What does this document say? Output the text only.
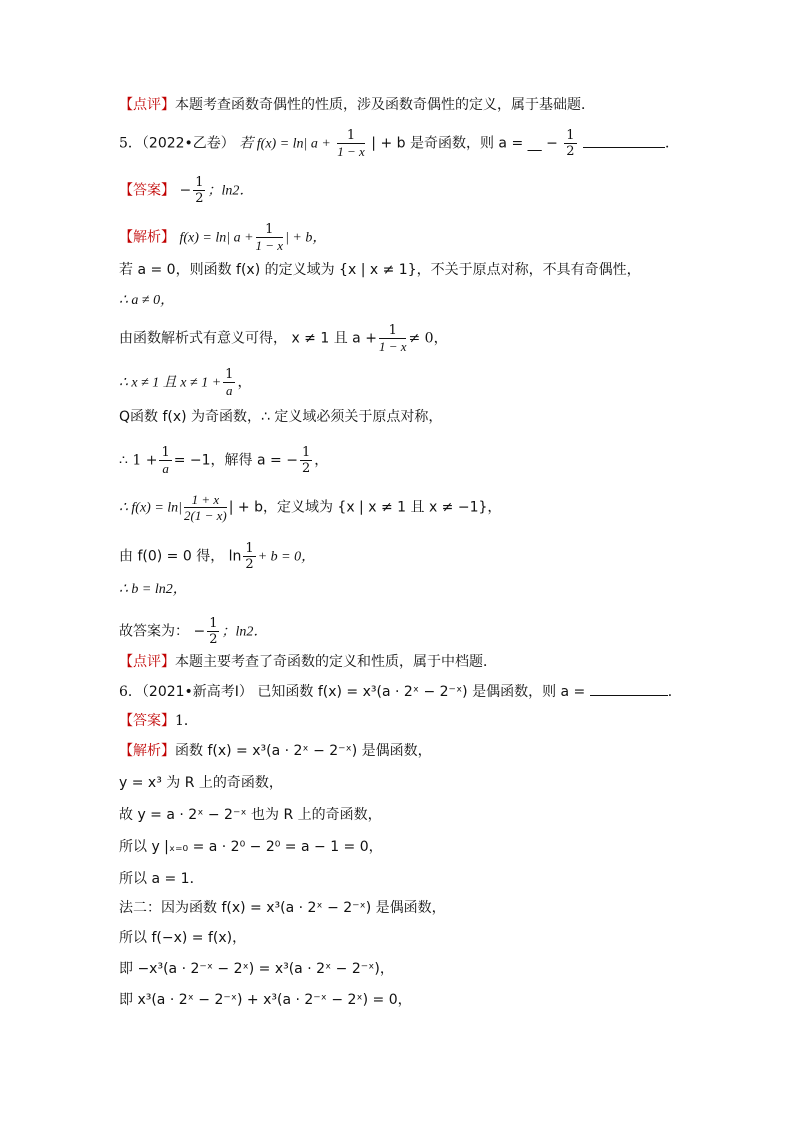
【点评】本题考查函数奇偶性的性质，涉及函数奇偶性的定义，属于基础题．
5．（2022•乙卷） 若 f(x) = ln| $a + \frac{1}{1 - x}$ | + b 是奇函数，则 a = __ − $\frac{1}{2}$	．
【答案】 − $\frac{1}{2}$ ；ln2．
【解析】 f(x) = ln| $a + \frac{1}{1 - x}$ | + b，
若 a = 0，则函数 f(x) 的定义域为 {x | x ≠ 1}，不关于原点对称，不具有奇偶性，
∴ a ≠ 0，
由函数解析式有意义可得， x ≠ 1 且 $a + \frac{1}{1 - x} \ne 0$，
∴ x ≠ 1 且 $x \ne 1 + \frac{1}{a}$ ，
Q函数 f(x) 为奇函数，∴ 定义域必须关于原点对称，
∴ $1 + \frac{1}{a} = -1$，解得 a = − $\frac{1}{2}$ ，
∴ $f(x) = \ln| \frac{1 + x}{2(1 - x)}$ | + b，定义域为 {x | x ≠ 1 且 x ≠ −1}，
由 f(0) = 0 得， $\ln \frac{1}{2} + b = 0$，
∴ b = ln2，
故答案为： − $\frac{1}{2}$ ；ln2．
【点评】本题主要考查了奇函数的定义和性质，属于中档题．
6．（2021•新高考Ⅰ） 已知函数 f(x) = x³(a · 2ˣ − 2⁻ˣ) 是偶函数，则 a =	．
【答案】1．
【解析】函数 f(x) = x³(a · 2ˣ − 2⁻ˣ) 是偶函数，
y = x³ 为 R 上的奇函数，
故 y = a · 2ˣ − 2⁻ˣ 也为 R 上的奇函数，
所以 y |ₓ₌₀ = a · 2⁰ − 2⁰ = a − 1 = 0，
所以 a = 1．
法二：因为函数 f(x) = x³(a · 2ˣ − 2⁻ˣ) 是偶函数，
所以 f(−x) = f(x)，
即 −x³(a · 2⁻ˣ − 2ˣ) = x³(a · 2ˣ − 2⁻ˣ)，
即 x³(a · 2ˣ − 2⁻ˣ) + x³(a · 2⁻ˣ − 2ˣ) = 0，
